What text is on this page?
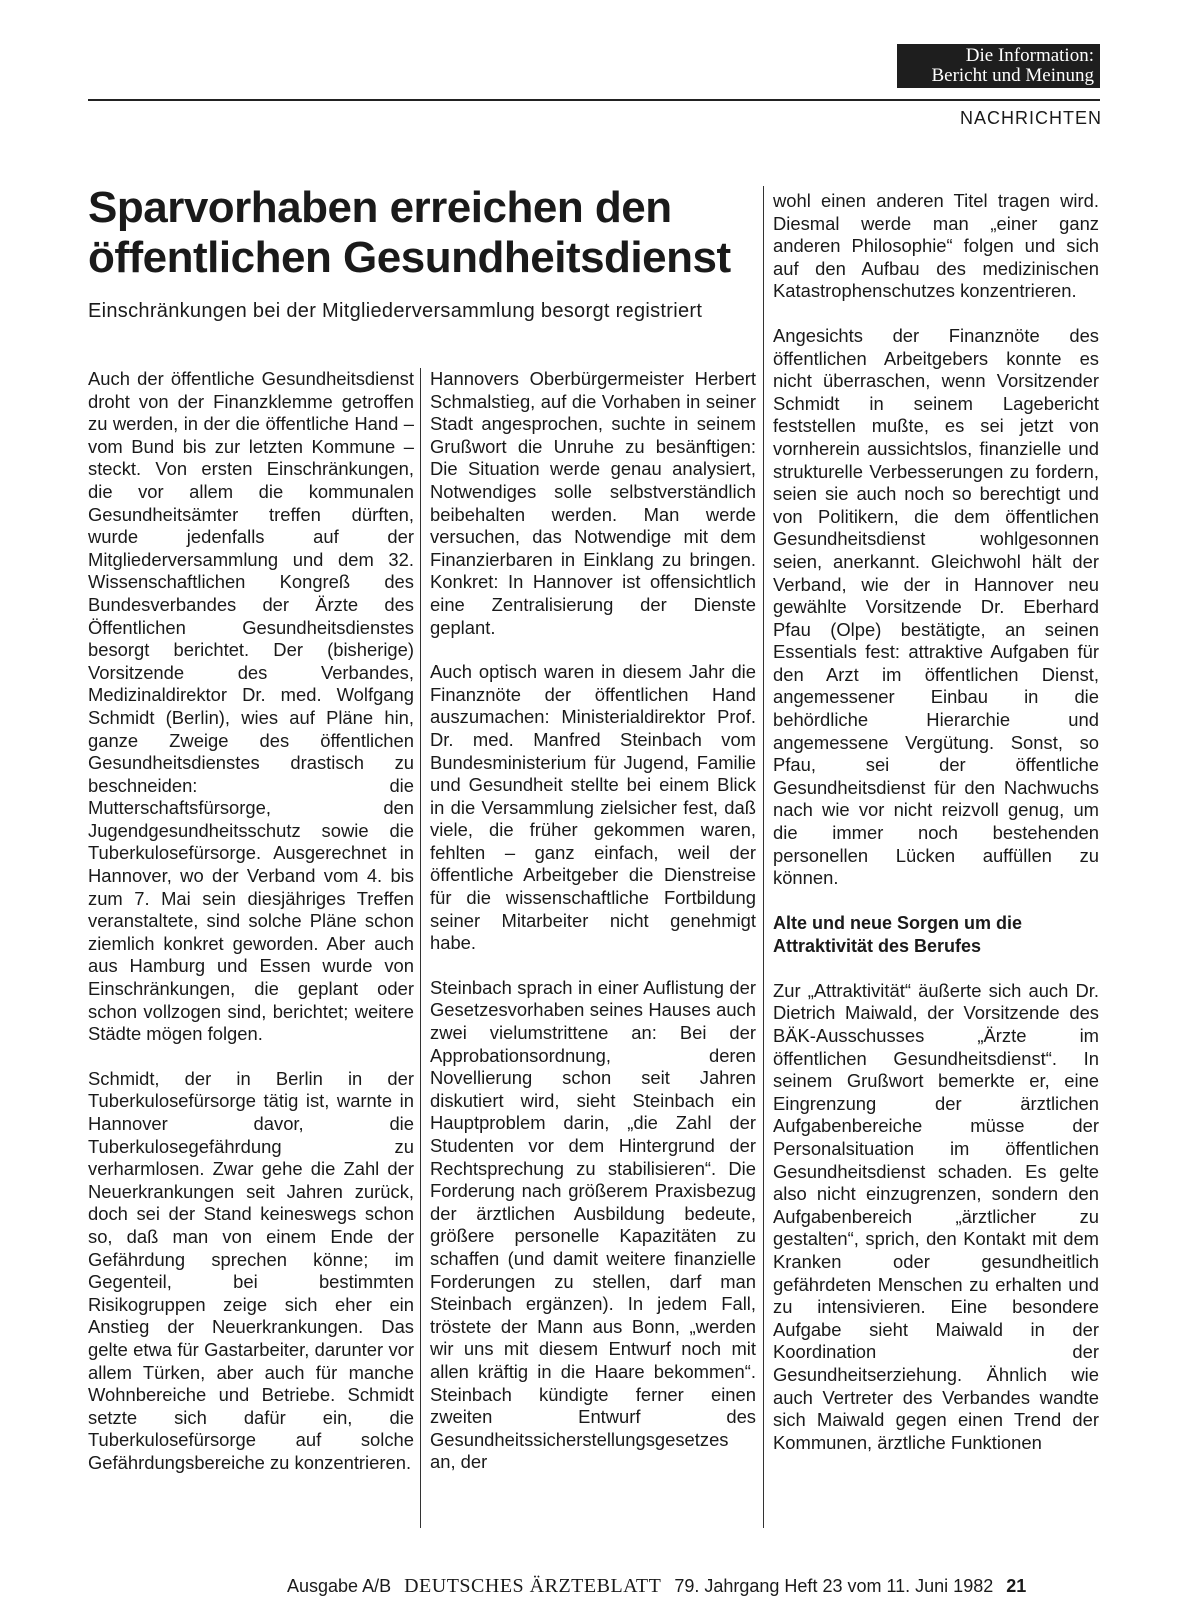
Die Information:
Bericht und Meinung
NACHRICHTEN
Sparvorhaben erreichen den
öffentlichen Gesundheitsdienst
Einschränkungen bei der Mitgliederversammlung besorgt registriert

Auch der öffentliche Gesundheitsdienst droht von der Finanzklemme getroffen zu werden, in der die öffentliche Hand – vom Bund bis zur letzten Kommune – steckt. Von ersten Einschränkungen, die vor allem die kommunalen Gesundheitsämter treffen dürften, wurde jedenfalls auf der Mitgliederversammlung und dem 32. Wissenschaftlichen Kongreß des Bundesverbandes der Ärzte des Öffentlichen Gesundheitsdienstes besorgt berichtet. Der (bisherige) Vorsitzende des Verbandes, Medizinaldirektor Dr. med. Wolfgang Schmidt (Berlin), wies auf Pläne hin, ganze Zweige des öffentlichen Gesundheitsdienstes drastisch zu beschneiden: die Mutterschaftsfürsorge, den Jugendgesundheitsschutz sowie die Tuberkulosefürsorge. Ausgerechnet in Hannover, wo der Verband vom 4. bis zum 7. Mai sein diesjähriges Treffen veranstaltete, sind solche Pläne schon ziemlich konkret geworden. Aber auch aus Hamburg und Essen wurde von Einschränkungen, die geplant oder schon vollzogen sind, berichtet; weitere Städte mögen folgen.

Schmidt, der in Berlin in der Tuberkulosefürsorge tätig ist, warnte in Hannover davor, die Tuberkulosegefährdung zu verharmlosen. Zwar gehe die Zahl der Neuerkrankungen seit Jahren zurück, doch sei der Stand keineswegs schon so, daß man von einem Ende der Gefährdung sprechen könne; im Gegenteil, bei bestimmten Risikogruppen zeige sich eher ein Anstieg der Neuerkrankungen. Das gelte etwa für Gastarbeiter, darunter vor allem Türken, aber auch für manche Wohnbereiche und Betriebe. Schmidt setzte sich dafür ein, die Tuberkulosefürsorge auf solche Gefährdungsbereiche zu konzentrieren.

Hannovers Oberbürgermeister Herbert Schmalstieg, auf die Vorhaben in seiner Stadt angesprochen, suchte in seinem Grußwort die Unruhe zu besänftigen: Die Situation werde genau analysiert, Notwendiges solle selbstverständlich beibehalten werden. Man werde versuchen, das Notwendige mit dem Finanzierbaren in Einklang zu bringen. Konkret: In Hannover ist offensichtlich eine Zentralisierung der Dienste geplant.

Auch optisch waren in diesem Jahr die Finanznöte der öffentlichen Hand auszumachen: Ministerialdirektor Prof. Dr. med. Manfred Steinbach vom Bundesministerium für Jugend, Familie und Gesundheit stellte bei einem Blick in die Versammlung zielsicher fest, daß viele, die früher gekommen waren, fehlten – ganz einfach, weil der öffentliche Arbeitgeber die Dienstreise für die wissenschaftliche Fortbildung seiner Mitarbeiter nicht genehmigt habe.

Steinbach sprach in einer Auflistung der Gesetzesvorhaben seines Hauses auch zwei vielumstrittene an: Bei der Approbationsordnung, deren Novellierung schon seit Jahren diskutiert wird, sieht Steinbach ein Hauptproblem darin, „die Zahl der Studenten vor dem Hintergrund der Rechtsprechung zu stabilisieren“. Die Forderung nach größerem Praxisbezug der ärztlichen Ausbildung bedeute, größere personelle Kapazitäten zu schaffen (und damit weitere finanzielle Forderungen zu stellen, darf man Steinbach ergänzen). In jedem Fall, tröstete der Mann aus Bonn, „werden wir uns mit diesem Entwurf noch mit allen kräftig in die Haare bekommen“. Steinbach kündigte ferner einen zweiten Entwurf des Gesundheitssicherstellungsgesetzes an, der

wohl einen anderen Titel tragen wird. Diesmal werde man „einer ganz anderen Philosophie“ folgen und sich auf den Aufbau des medizinischen Katastrophenschutzes konzentrieren.

Angesichts der Finanznöte des öffentlichen Arbeitgebers konnte es nicht überraschen, wenn Vorsitzender Schmidt in seinem Lagebericht feststellen mußte, es sei jetzt von vornherein aussichtslos, finanzielle und strukturelle Verbesserungen zu fordern, seien sie auch noch so berechtigt und von Politikern, die dem öffentlichen Gesundheitsdienst wohlgesonnen seien, anerkannt. Gleichwohl hält der Verband, wie der in Hannover neu gewählte Vorsitzende Dr. Eberhard Pfau (Olpe) bestätigte, an seinen Essentials fest: attraktive Aufgaben für den Arzt im öffentlichen Dienst, angemessener Einbau in die behördliche Hierarchie und angemessene Vergütung. Sonst, so Pfau, sei der öffentliche Gesundheitsdienst für den Nachwuchs nach wie vor nicht reizvoll genug, um die immer noch bestehenden personellen Lücken auffüllen zu können.

Alte und neue Sorgen um die
Attraktivität des Berufes

Zur „Attraktivität“ äußerte sich auch Dr. Dietrich Maiwald, der Vorsitzende des BÄK-Ausschusses „Ärzte im öffentlichen Gesundheitsdienst“. In seinem Grußwort bemerkte er, eine Eingrenzung der ärztlichen Aufgabenbereiche müsse der Personalsituation im öffentlichen Gesundheitsdienst schaden. Es gelte also nicht einzugrenzen, sondern den Aufgabenbereich „ärztlicher zu gestalten“, sprich, den Kontakt mit dem Kranken oder gesundheitlich gefährdeten Menschen zu erhalten und zu intensivieren. Eine besondere Aufgabe sieht Maiwald in der Koordination der Gesundheitserziehung. Ähnlich wie auch Vertreter des Verbandes wandte sich Maiwald gegen einen Trend der Kommunen, ärztliche Funktionen

Ausgabe A/B DEUTSCHES ÄRZTEBLATT 79. Jahrgang Heft 23 vom 11. Juni 1982 21
